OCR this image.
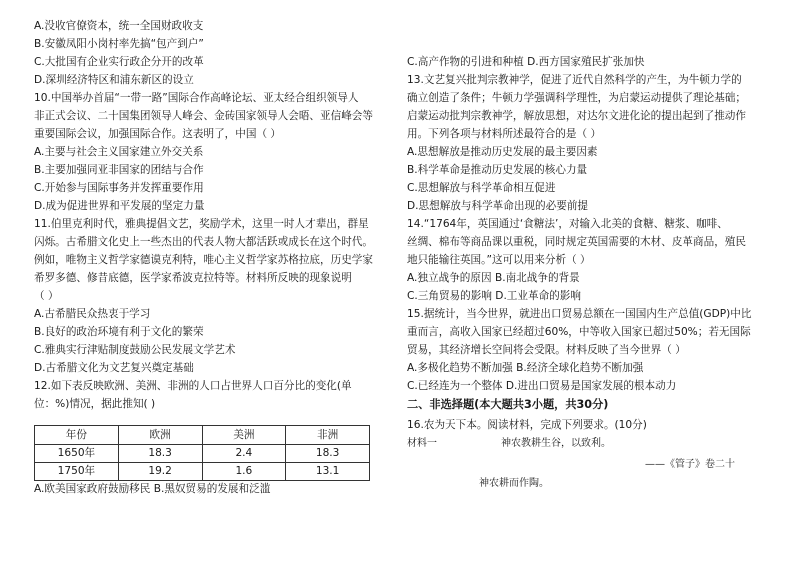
A.没收官僚资本，统一全国财政收支
B.安徽凤阳小岗村率先搞“包产到户”
C.大批国有企业实行政企分开的改革
D.深圳经济特区和浦东新区的设立
10.中国举办首届“一带一路”国际合作高峰论坛、亚太经合组织领导人
非正式会议、二十国集团领导人峰会、金砖国家领导人会晤、亚信峰会等
重要国际会议，加强国际合作。这表明了，中国（ ）
A.主要与社会主义国家建立外交关系
B.主要加强同亚非国家的团结与合作
C.开始参与国际事务并发挥重要作用
D.成为促进世界和平发展的坚定力量
11.伯里克利时代，雅典提倡文艺，奖励学术，这里一时人才辈出，群星
闪烁。古希腊文化史上一些杰出的代表人物大都活跃或成长在这个时代。
例如，唯物主义哲学家德谟克利特，唯心主义哲学家苏格拉底，历史学家
希罗多德、修昔底德，医学家希波克拉特等。材料所反映的现象说明
（ ）
A.古希腊民众热衷于学习
B.良好的政治环境有利于文化的繁荣
C.雅典实行津贴制度鼓励公民发展文学艺术
D.古希腊文化为文艺复兴奠定基础
12.如下表反映欧洲、美洲、非洲的人口占世界人口百分比的变化(单
位：%)情况，据此推知( )
年份	欧洲	美洲	非洲
1650年	18.3	2.4	18.3
1750年	19.2	1.6	13.1
A.欧美国家政府鼓励移民 B.黑奴贸易的发展和泛滥
C.高产作物的引进和种植 D.西方国家殖民扩张加快
13.文艺复兴批判宗教神学，促进了近代自然科学的产生，为牛顿力学的
确立创造了条件；牛顿力学强调科学理性，为启蒙运动提供了理论基础；
启蒙运动批判宗教神学，解放思想，对达尔文进化论的提出起到了推动作
用。下列各项与材料所述最符合的是（ ）
A.思想解放是推动历史发展的最主要因素
B.科学革命是推动历史发展的核心力量
C.思想解放与科学革命相互促进
D.思想解放与科学革命出现的必要前提
14.“1764年，英国通过‘食糖法’，对输入北美的食糖、糖浆、咖啡、
丝绸、棉布等商品课以重税，同时规定英国需要的木材、皮革商品，殖民
地只能输往英国。”这可以用来分析（ ）
A.独立战争的原因 B.南北战争的背景
C.三角贸易的影响 D.工业革命的影响
15.据统计，当今世界，就进出口贸易总额在一国国内生产总值(GDP)中比
重而言，高收入国家已经超过60%，中等收入国家已超过50%；若无国际
贸易，其经济增长空间将会受限。材料反映了当今世界（ ）
A.多极化趋势不断加强 B.经济全球化趋势不断加强
C.已经连为一个整体 D.进出口贸易是国家发展的根本动力
二、非选择题(本大题共3小题，共30分)
16.农为天下本。阅读材料，完成下列要求。(10分)
材料一	神农教耕生谷，以致利。
——《管子》卷二十
神农耕而作陶。
